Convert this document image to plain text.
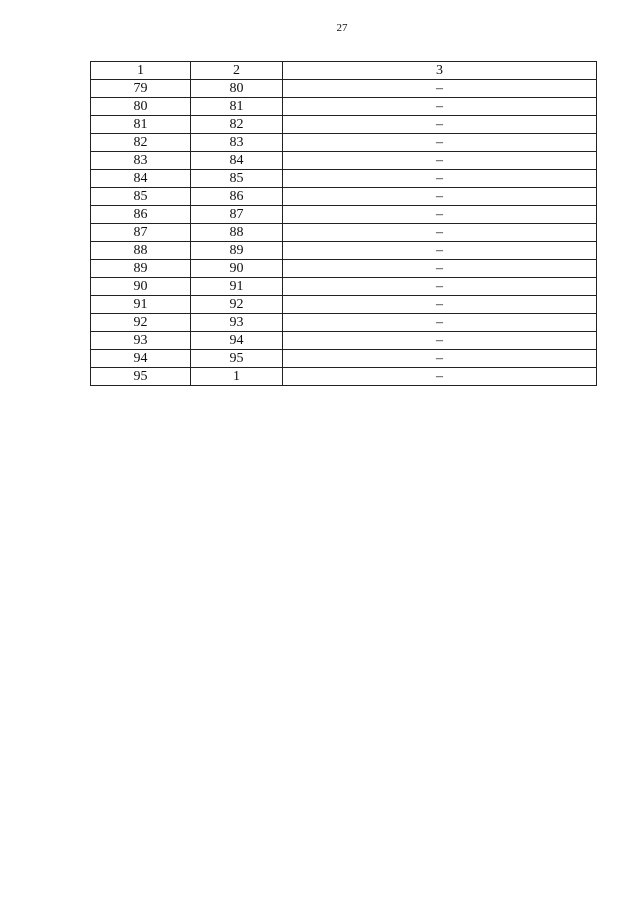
27
1	2	3
79	80	–
80	81	–
81	82	–
82	83	–
83	84	–
84	85	–
85	86	–
86	87	–
87	88	–
88	89	–
89	90	–
90	91	–
91	92	–
92	93	–
93	94	–
94	95	–
95	1	–
